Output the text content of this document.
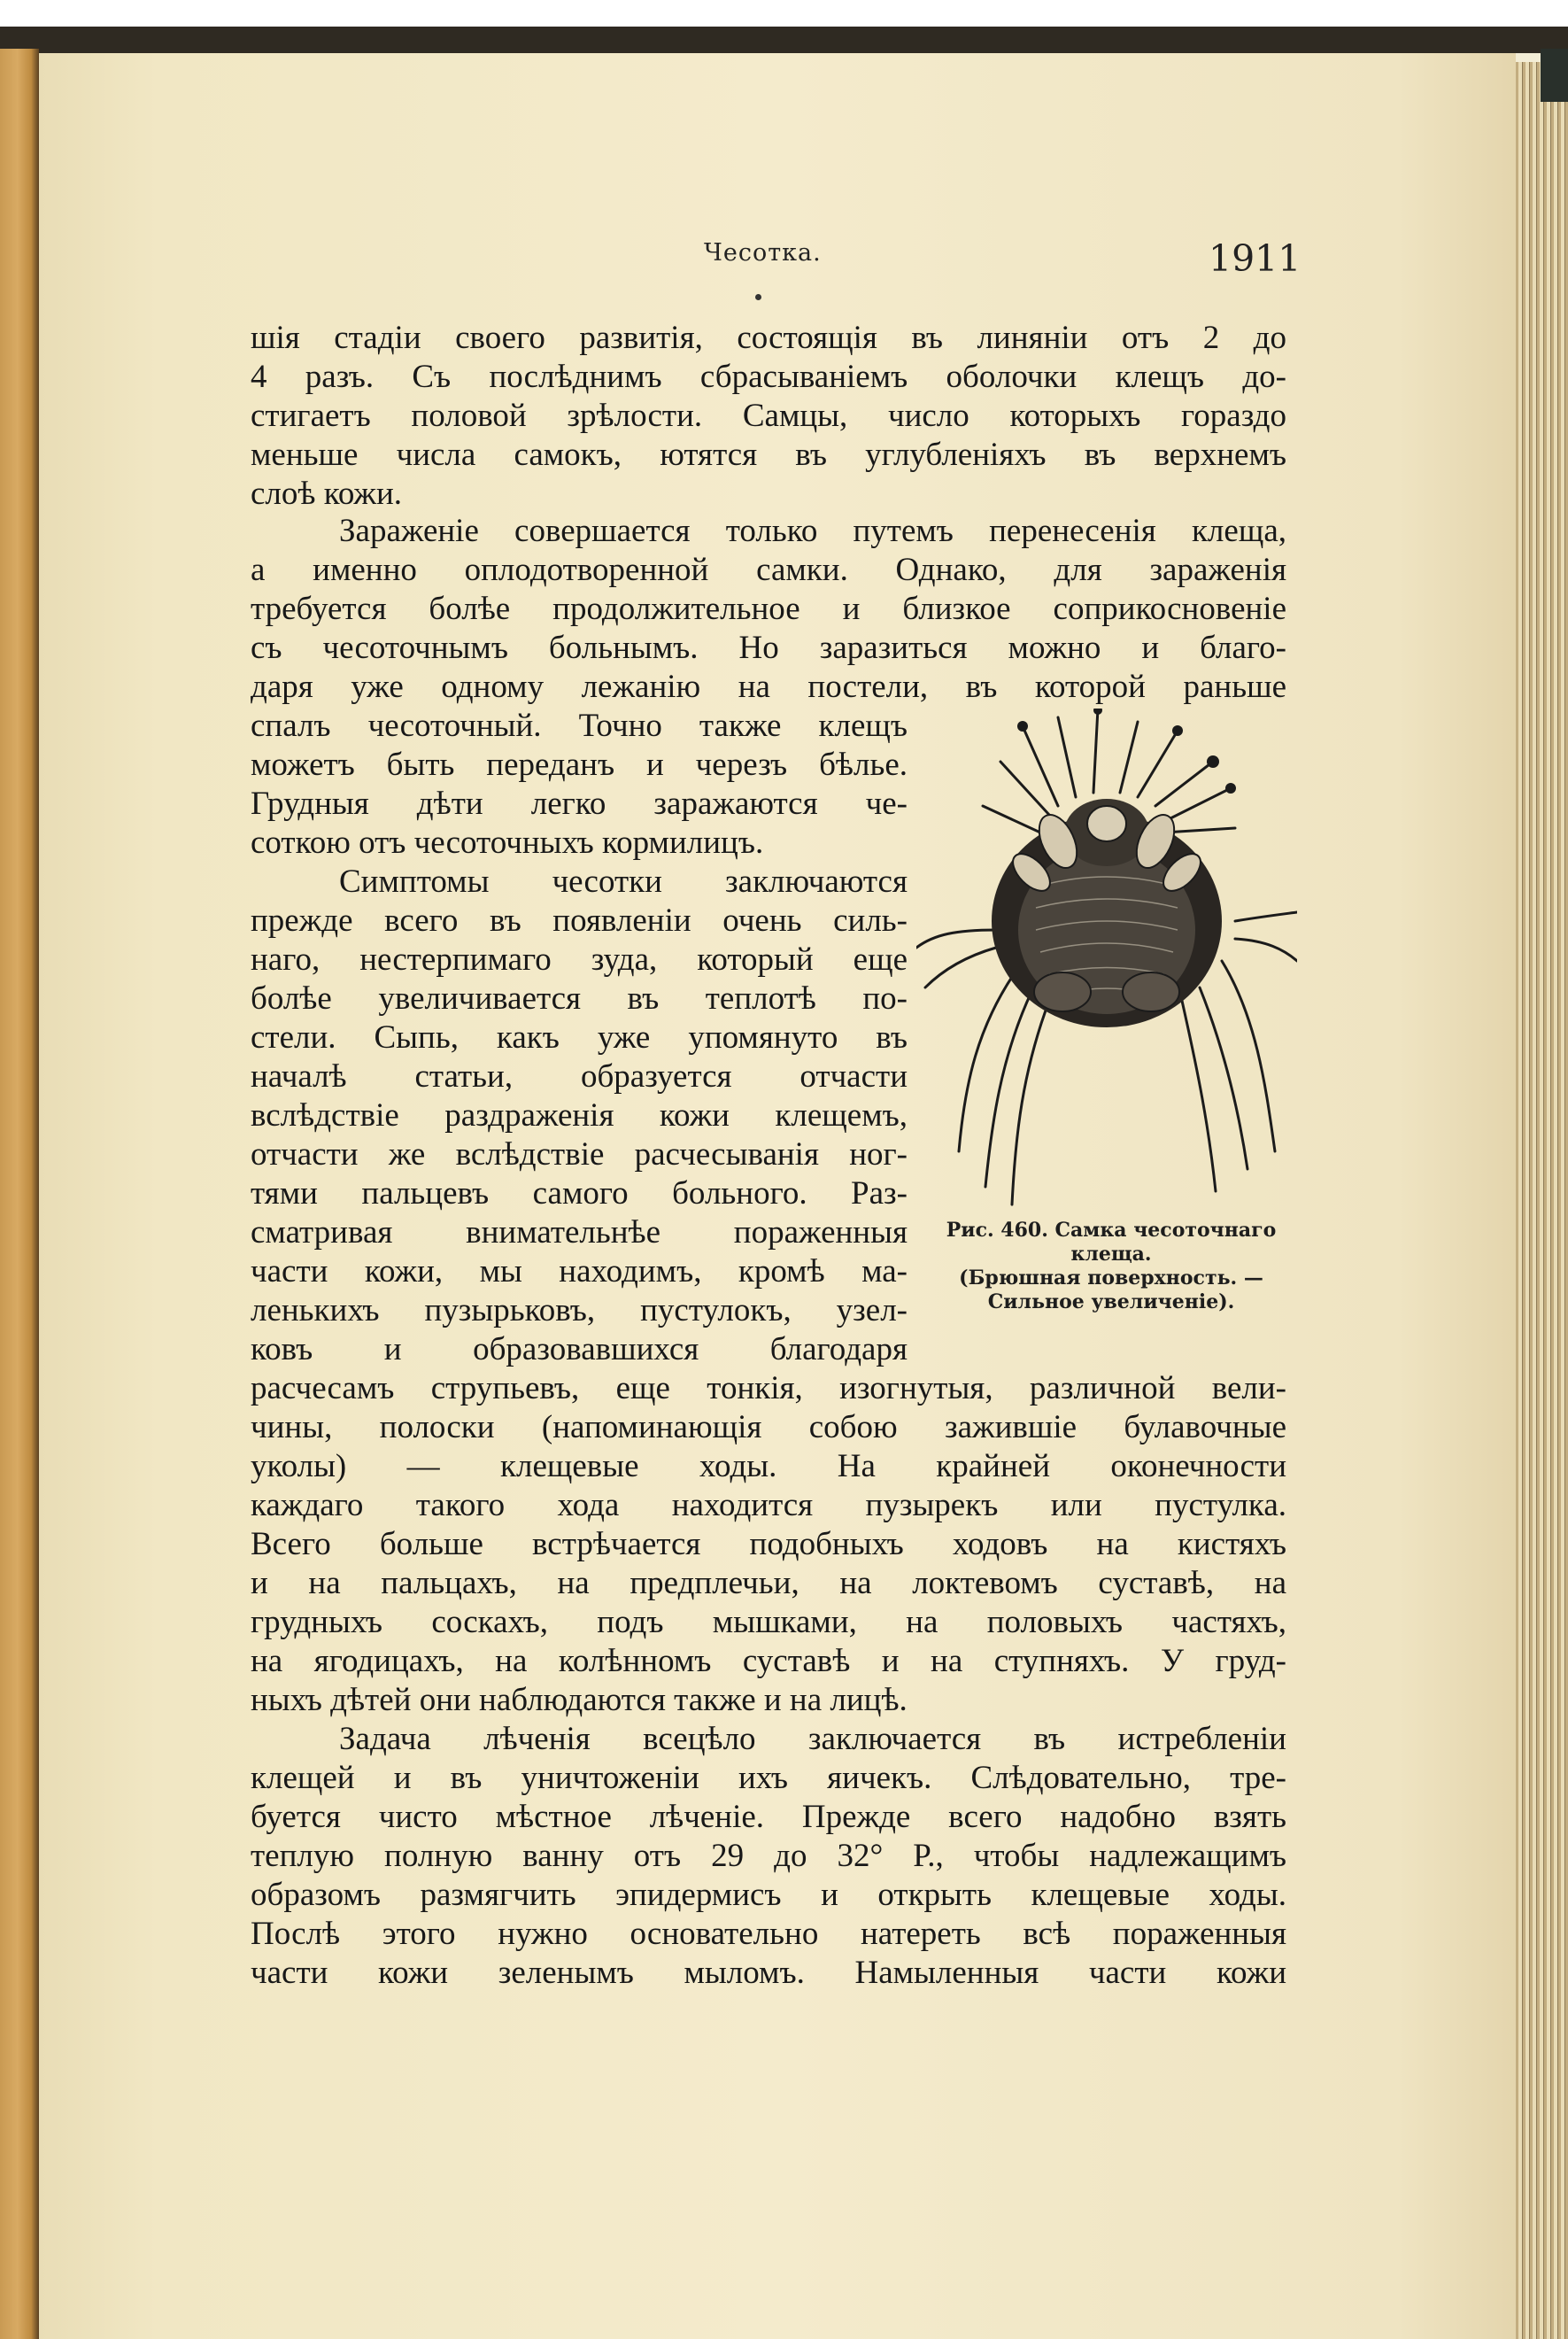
Чесотка.	1911
шія стадіи своего развитія, состоящія въ линяніи отъ 2 до
4 разъ. Съ послѣднимъ сбрасываніемъ оболочки клещъ до-
стигаетъ половой зрѣлости. Самцы, число которыхъ гораздо
меньше числа самокъ, ютятся въ углубленіяхъ въ верхнемъ
слоѣ кожи.
Зараженіе совершается только путемъ перенесенія клеща,
а именно оплодотворенной самки. Однако, для зараженія
требуется болѣе продолжительное и близкое соприкосновеніе
съ чесоточнымъ больнымъ. Но заразиться можно и благо-
даря уже одному лежанію на постели, въ которой раньше
спалъ чесоточный. Точно также клещъ
можетъ быть переданъ и черезъ бѣлье.
Грудныя дѣти легко заражаются че-
соткою отъ чесоточныхъ кормилицъ.
Симптомы чесотки заключаются
прежде всего въ появленіи очень силь-
наго, нестерпимаго зуда, который еще
болѣе увеличивается въ теплотѣ по-
стели. Сыпь, какъ уже упомянуто въ
началѣ статьи, образуется отчасти
вслѣдствіе раздраженія кожи клещемъ,
отчасти же вслѣдствіе расчесыванія ног-
тями пальцевъ самого больного. Раз-
сматривая внимательнѣе пораженныя
части кожи, мы находимъ, кромѣ ма-
ленькихъ пузырьковъ, пустулокъ, узел-
ковъ и образовавшихся благодаря
расчесамъ струпьевъ, еще тонкія, изогнутыя, различной вели-
чины, полоски (напоминающія собою зажившіе булавочные
уколы) — клещевые ходы. На крайней оконечности
каждаго такого хода находится пузырекъ или пустулка.
Всего больше встрѣчается подобныхъ ходовъ на кистяхъ
и на пальцахъ, на предплечьи, на локтевомъ суставѣ, на
грудныхъ соскахъ, подъ мышками, на половыхъ частяхъ,
на ягодицахъ, на колѣнномъ суставѣ и на ступняхъ. У груд-
ныхъ дѣтей они наблюдаются также и на лицѣ.
Задача лѣченія всецѣло заключается въ истребленіи
клещей и въ уничтоженіи ихъ яичекъ. Слѣдовательно, тре-
буется чисто мѣстное лѣченіе. Прежде всего надобно взять
теплую полную ванну отъ 29 до 32° Р., чтобы надлежащимъ
образомъ размягчить эпидермисъ и открыть клещевые ходы.
Послѣ этого нужно основательно натереть всѣ пораженныя
части кожи зеленымъ мыломъ. Намыленныя части кожи
Рис. 460. Самка чесоточнаго
клеща.
(Брюшная поверхность. —
Сильное увеличеніе).
